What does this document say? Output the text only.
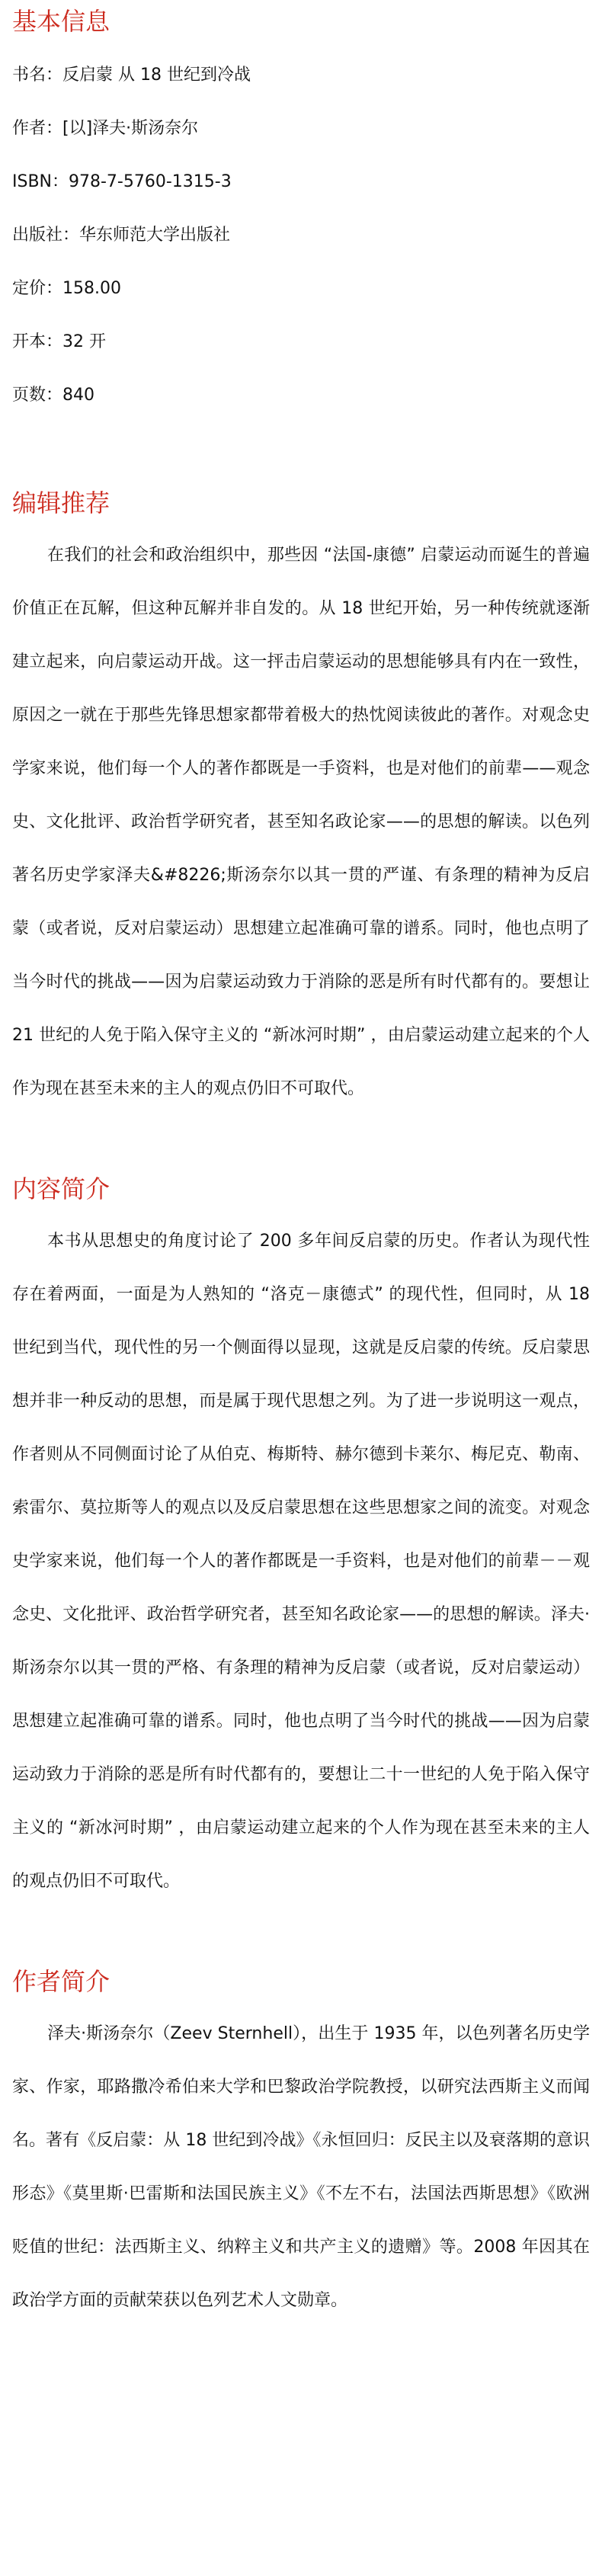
基本信息

书名：反启蒙 从 18 世纪到冷战

作者：[以]泽夫·斯汤奈尔

ISBN：978-7-5760-1315-3

出版社：华东师范大学出版社

定价：158.00

开本：32 开

页数：840

编辑推荐

在我们的社会和政治组织中，那些因 “法国-康德” 启蒙运动而诞生的普遍价值正在瓦解，但这种瓦解并非自发的。从 18 世纪开始，另一种传统就逐渐建立起来，向启蒙运动开战。这一抨击启蒙运动的思想能够具有内在一致性，原因之一就在于那些先锋思想家都带着极大的热忱阅读彼此的著作。对观念史学家来说，他们每一个人的著作都既是一手资料，也是对他们的前辈——观念史、文化批评、政治哲学研究者，甚至知名政论家——的思想的解读。以色列著名历史学家泽夫&#8226;斯汤奈尔以其一贯的严谨、有条理的精神为反启蒙（或者说，反对启蒙运动）思想建立起准确可靠的谱系。同时，他也点明了当今时代的挑战——因为启蒙运动致力于消除的恶是所有时代都有的。要想让 21 世纪的人免于陷入保守主义的 “新冰河时期” ，由启蒙运动建立起来的个人作为现在甚至未来的主人的观点仍旧不可取代。

内容简介

本书从思想史的角度讨论了 200 多年间反启蒙的历史。作者认为现代性存在着两面，一面是为人熟知的 “洛克－康德式” 的现代性，但同时，从 18 世纪到当代，现代性的另一个侧面得以显现，这就是反启蒙的传统。反启蒙思想并非一种反动的思想，而是属于现代思想之列。为了进一步说明这一观点，作者则从不同侧面讨论了从伯克、梅斯特、赫尔德到卡莱尔、梅尼克、勒南、索雷尔、莫拉斯等人的观点以及反启蒙思想在这些思想家之间的流变。对观念史学家来说，他们每一个人的著作都既是一手资料，也是对他们的前辈－－观念史、文化批评、政治哲学研究者，甚至知名政论家——的思想的解读。泽夫·斯汤奈尔以其一贯的严格、有条理的精神为反启蒙（或者说，反对启蒙运动）思想建立起准确可靠的谱系。同时，他也点明了当今时代的挑战——因为启蒙运动致力于消除的恶是所有时代都有的，要想让二十一世纪的人免于陷入保守主义的 “新冰河时期” ，由启蒙运动建立起来的个人作为现在甚至未来的主人的观点仍旧不可取代。

作者简介

泽夫·斯汤奈尔（Zeev Sternhell），出生于 1935 年，以色列著名历史学家、作家，耶路撒冷希伯来大学和巴黎政治学院教授，以研究法西斯主义而闻名。著有《反启蒙：从 18 世纪到冷战》《永恒回归：反民主以及衰落期的意识形态》《莫里斯·巴雷斯和法国民族主义》《不左不右，法国法西斯思想》《欧洲贬值的世纪：法西斯主义、纳粹主义和共产主义的遗赠》等。2008 年因其在政治学方面的贡献荣获以色列艺术人文勋章。
